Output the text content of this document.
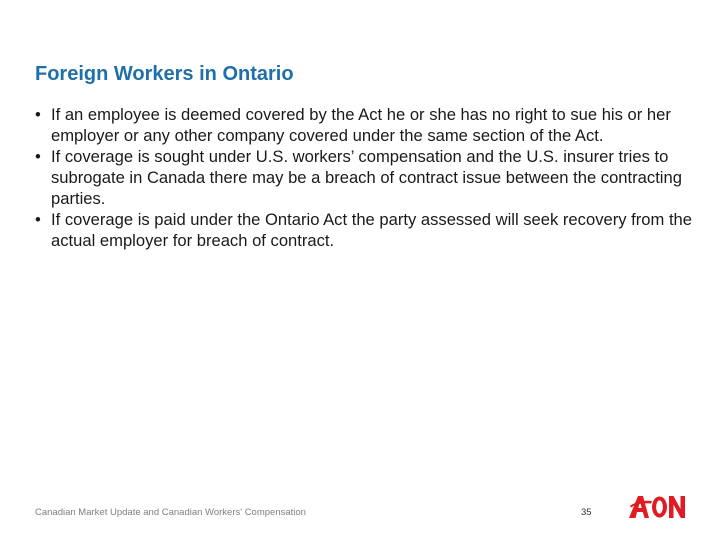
Foreign Workers in Ontario
• If an employee is deemed covered by the Act he or she has no right to sue his or her employer or any other company covered under the same section of the Act.
• If coverage is sought under U.S. workers’ compensation and the U.S. insurer tries to subrogate in Canada there may be a breach of contract issue between the contracting parties.
• If coverage is paid under the Ontario Act the party assessed will seek recovery from the actual employer for breach of contract.
Canadian Market Update and Canadian Workers' Compensation	35
